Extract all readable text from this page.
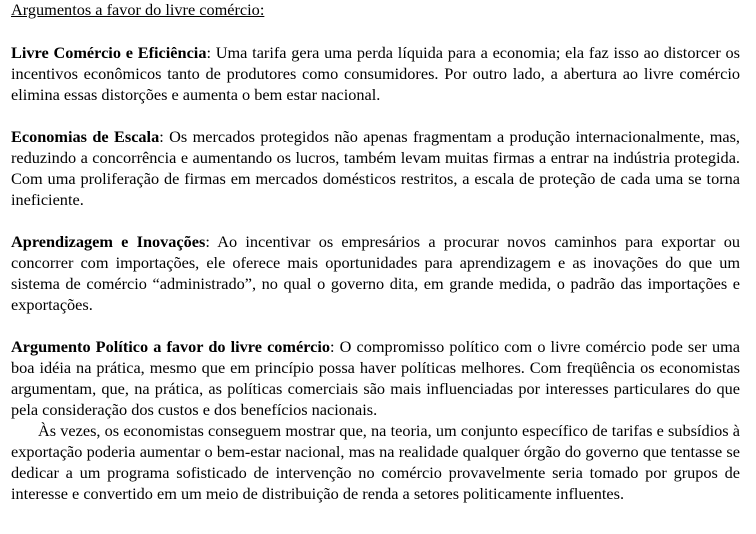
Argumentos a favor do livre comércio:

Livre Comércio e Eficiência: Uma tarifa gera uma perda líquida para a economia; ela faz isso ao distorcer os incentivos econômicos tanto de produtores como consumidores. Por outro lado, a abertura ao livre comércio elimina essas distorções e aumenta o bem estar nacional.

Economias de Escala: Os mercados protegidos não apenas fragmentam a produção internacionalmente, mas, reduzindo a concorrência e aumentando os lucros, também levam muitas firmas a entrar na indústria protegida. Com uma proliferação de firmas em mercados domésticos restritos, a escala de proteção de cada uma se torna ineficiente.

Aprendizagem e Inovações: Ao incentivar os empresários a procurar novos caminhos para exportar ou concorrer com importações, ele oferece mais oportunidades para aprendizagem e as inovações do que um sistema de comércio “administrado”, no qual o governo dita, em grande medida, o padrão das importações e exportações.

Argumento Político a favor do livre comércio: O compromisso político com o livre comércio pode ser uma boa idéia na prática, mesmo que em princípio possa haver políticas melhores. Com freqüência os economistas argumentam, que, na prática, as políticas comerciais são mais influenciadas por interesses particulares do que pela consideração dos custos e dos benefícios nacionais.

Às vezes, os economistas conseguem mostrar que, na teoria, um conjunto específico de tarifas e subsídios à exportação poderia aumentar o bem-estar nacional, mas na realidade qualquer órgão do governo que tentasse se dedicar a um programa sofisticado de intervenção no comércio provavelmente seria tomado por grupos de interesse e convertido em um meio de distribuição de renda a setores politicamente influentes.
